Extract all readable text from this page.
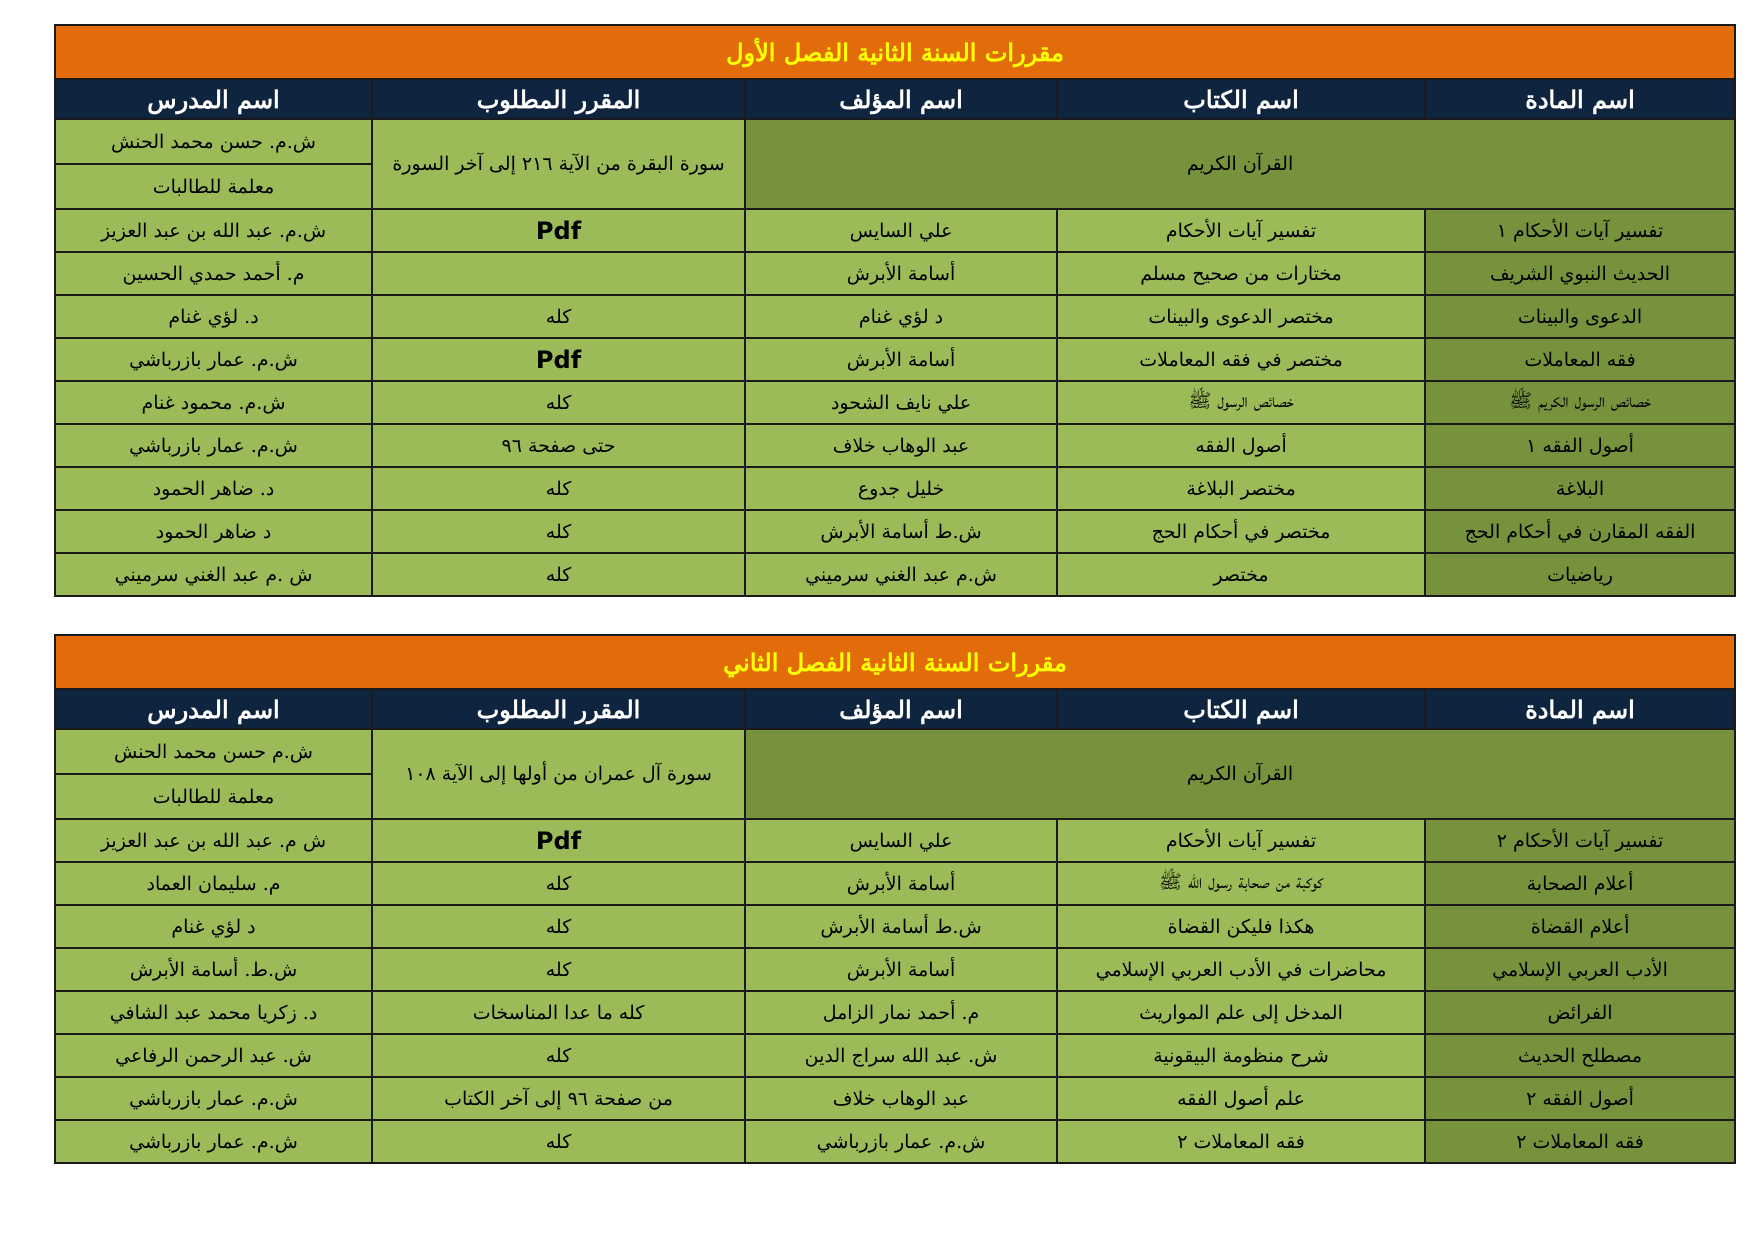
مقررات السنة الثانية الفصل الأول				
اسم المادة	اسم الكتاب	اسم المؤلف	المقرر المطلوب	اسم المدرس
القرآن الكريم			سورة البقرة من الآية ٢١٦ إلى آخر السورة	ش.م. حسن محمد الحنش
				معلمة للطالبات
تفسير آيات الأحكام ١	تفسير آيات الأحكام	علي السايس	Pdf	ش.م. عبد الله بن عبد العزيز
الحديث النبوي الشريف	مختارات من صحيح مسلم	أسامة الأبرش		م. أحمد حمدي الحسين
الدعوى والبينات	مختصر الدعوى والبينات	د لؤي غنام	كله	د. لؤي غنام
فقه المعاملات	مختصر في فقه المعاملات	أسامة الأبرش	Pdf	ش.م. عمار بازرباشي
خصائص الرسول الكريم ﷺ	خصائص الرسول ﷺ	علي نايف الشحود	كله	ش.م. محمود غنام
أصول الفقه ١	أصول الفقه	عبد الوهاب خلاف	حتى صفحة ٩٦	ش.م. عمار بازرباشي
البلاغة	مختصر البلاغة	خليل جدوع	كله	د. ضاهر الحمود
الفقه المقارن في أحكام الحج	مختصر في أحكام الحج	ش.ط أسامة الأبرش	كله	د ضاهر الحمود
رياضيات	مختصر	ش.م عبد الغني سرميني	كله	ش .م عبد الغني سرميني
مقررات السنة الثانية الفصل الثاني				
اسم المادة	اسم الكتاب	اسم المؤلف	المقرر المطلوب	اسم المدرس
القرآن الكريم			سورة آل عمران من أولها إلى الآية ١٠٨	ش.م حسن محمد الحنش
				معلمة للطالبات
تفسير آيات الأحكام ٢	تفسير آيات الأحكام	علي السايس	Pdf	ش م. عبد الله بن عبد العزيز
أعلام الصحابة	كوكبة من صحابة رسول الله ﷺ	أسامة الأبرش	كله	م. سليمان العماد
أعلام القضاة	هكذا فليكن القضاة	ش.ط أسامة الأبرش	كله	د لؤي غنام
الأدب العربي الإسلامي	محاضرات في الأدب العربي الإسلامي	أسامة الأبرش	كله	ش.ط. أسامة الأبرش
الفرائض	المدخل إلى علم المواريث	م. أحمد نمار الزامل	كله ما عدا المناسخات	د. زكريا محمد عبد الشافي
مصطلح الحديث	شرح منظومة البيقونية	ش. عبد الله سراج الدين	كله	ش. عبد الرحمن الرفاعي
أصول الفقه ٢	علم أصول الفقه	عبد الوهاب خلاف	من صفحة ٩٦ إلى آخر الكتاب	ش.م. عمار بازرباشي
فقه المعاملات ٢	فقه المعاملات ٢	ش.م. عمار بازرباشي	كله	ش.م. عمار بازرباشي
